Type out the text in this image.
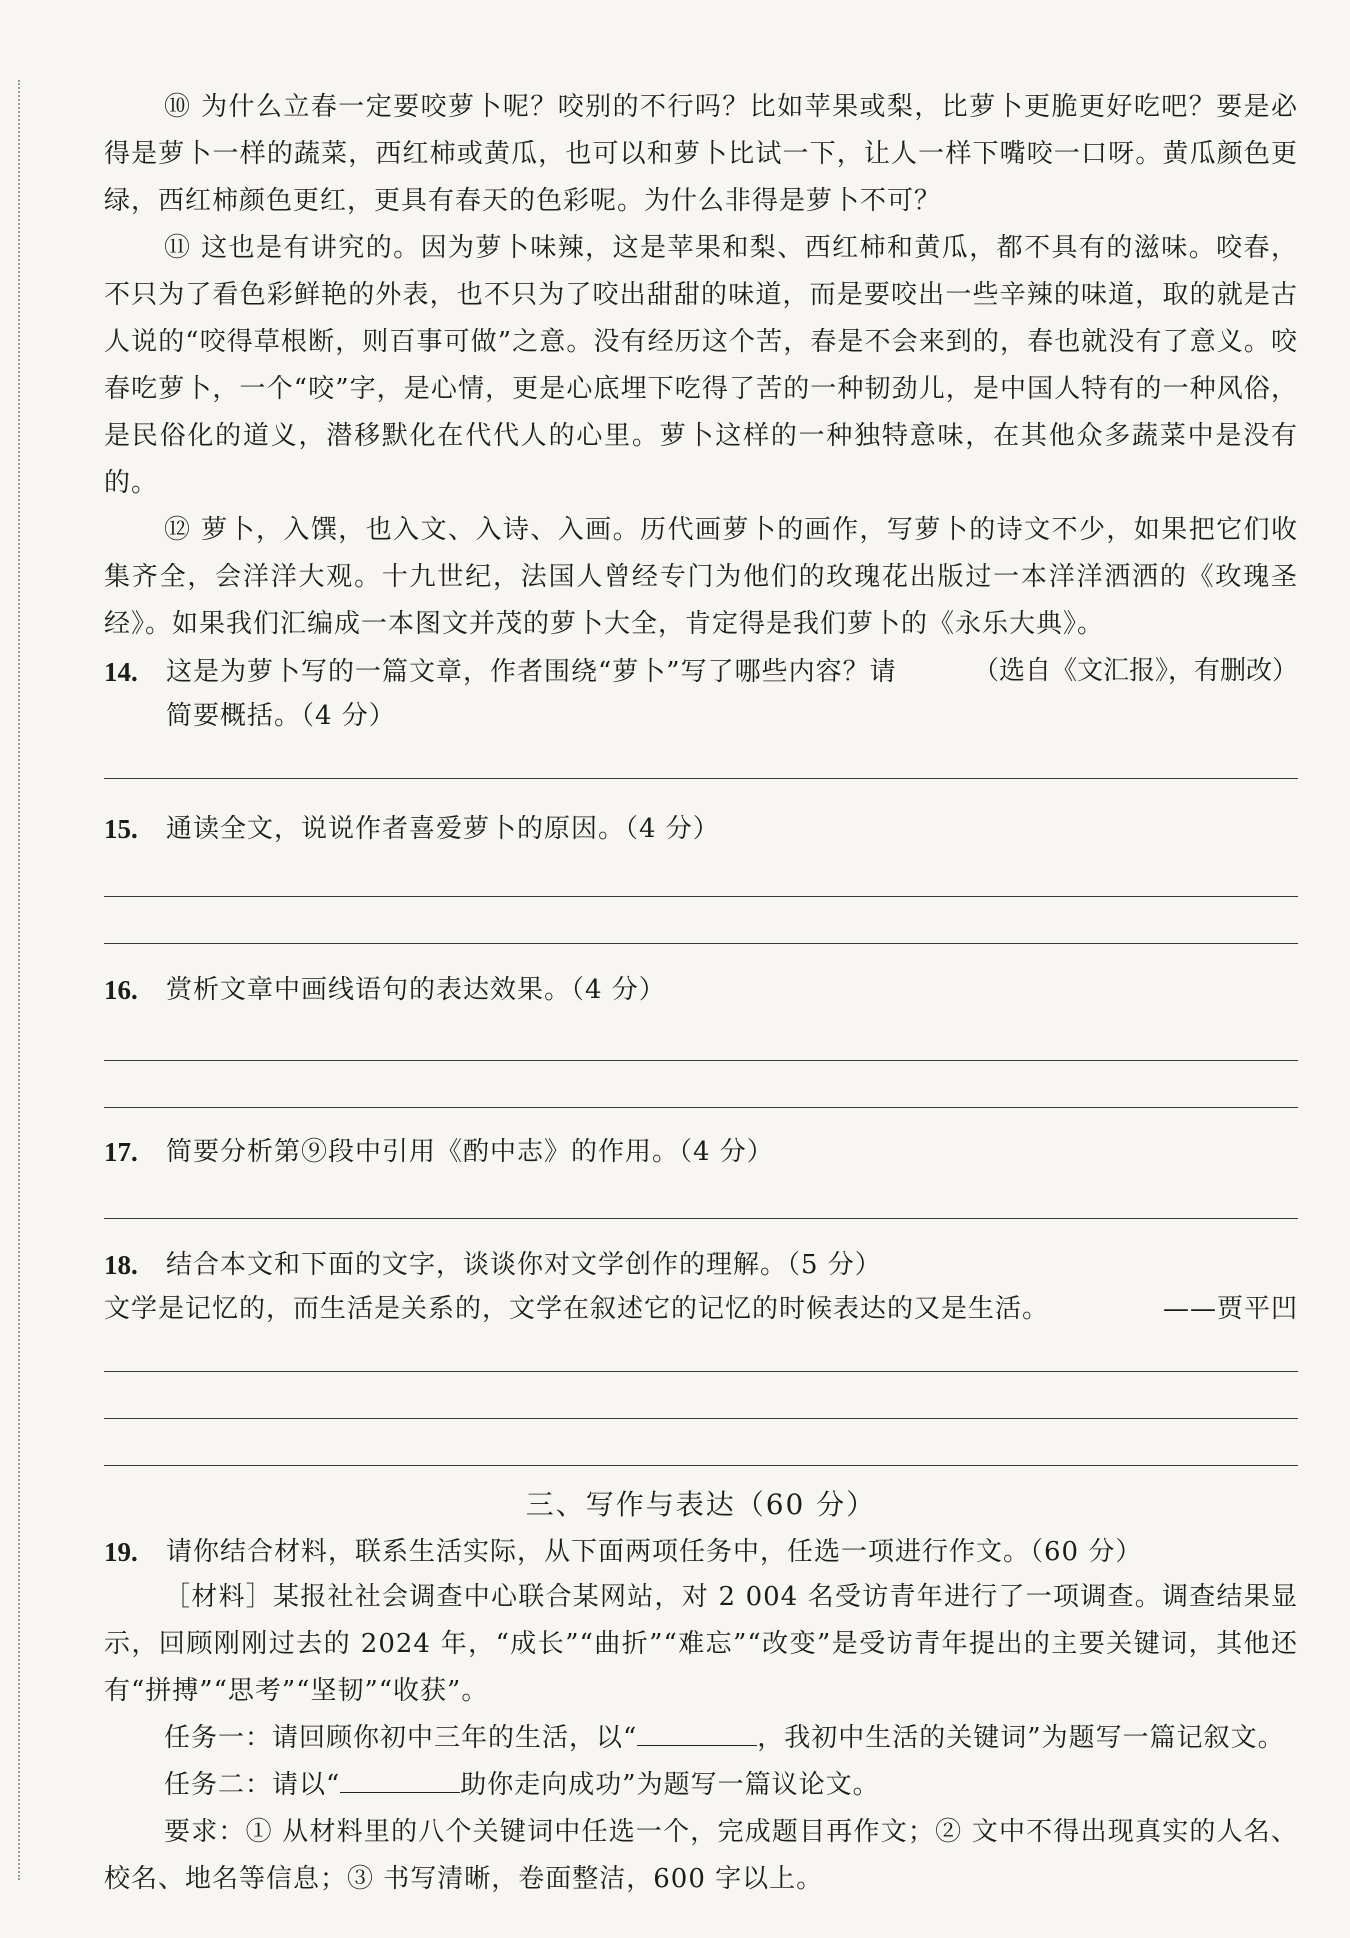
⑩ 为什么立春一定要咬萝卜呢？咬别的不行吗？比如苹果或梨，比萝卜更脆更好吃吧？要是必得是萝卜一样的蔬菜，西红柿或黄瓜，也可以和萝卜比试一下，让人一样下嘴咬一口呀。黄瓜颜色更绿，西红柿颜色更红，更具有春天的色彩呢。为什么非得是萝卜不可？

⑪ 这也是有讲究的。因为萝卜味辣，这是苹果和梨、西红柿和黄瓜，都不具有的滋味。咬春，不只为了看色彩鲜艳的外表，也不只为了咬出甜甜的味道，而是要咬出一些辛辣的味道，取的就是古人说的“咬得草根断，则百事可做”之意。没有经历这个苦，春是不会来到的，春也就没有了意义。咬春吃萝卜，一个“咬”字，是心情，更是心底埋下吃得了苦的一种韧劲儿，是中国人特有的一种风俗，是民俗化的道义，潜移默化在代代人的心里。萝卜这样的一种独特意味，在其他众多蔬菜中是没有的。

⑫ 萝卜，入馔，也入文、入诗、入画。历代画萝卜的画作，写萝卜的诗文不少，如果把它们收集齐全，会洋洋大观。十九世纪，法国人曾经专门为他们的玫瑰花出版过一本洋洋洒洒的《玫瑰圣经》。如果我们汇编成一本图文并茂的萝卜大全，肯定得是我们萝卜的《永乐大典》。
（选自《文汇报》，有删改）

14.	这是为萝卜写的一篇文章，作者围绕“萝卜”写了哪些内容？请简要概括。（4 分）
15.	通读全文，说说作者喜爱萝卜的原因。（4 分）
16.	赏析文章中画线语句的表达效果。（4 分）
17.	简要分析第⑨段中引用《酌中志》的作用。（4 分）
18.	结合本文和下面的文字，谈谈你对文学创作的理解。（5 分）
文学是记忆的，而生活是关系的，文学在叙述它的记忆的时候表达的又是生活。	——贾平凹
三、写作与表达（60 分）
19.	请你结合材料，联系生活实际，从下面两项任务中，任选一项进行作文。（60 分）

［材料］某报社社会调查中心联合某网站，对 2 004 名受访青年进行了一项调查。调查结果显示，回顾刚刚过去的 2024 年，“成长”“曲折”“难忘”“改变”是受访青年提出的主要关键词，其他还有“拼搏”“思考”“坚韧”“收获”。

任务一：请回顾你初中三年的生活，以“	，我初中生活的关键词”为题写一篇记叙文。

任务二：请以“	助你走向成功”为题写一篇议论文。

要求：① 从材料里的八个关键词中任选一个，完成题目再作文；② 文中不得出现真实的人名、校名、地名等信息；③ 书写清晰，卷面整洁，600 字以上。
